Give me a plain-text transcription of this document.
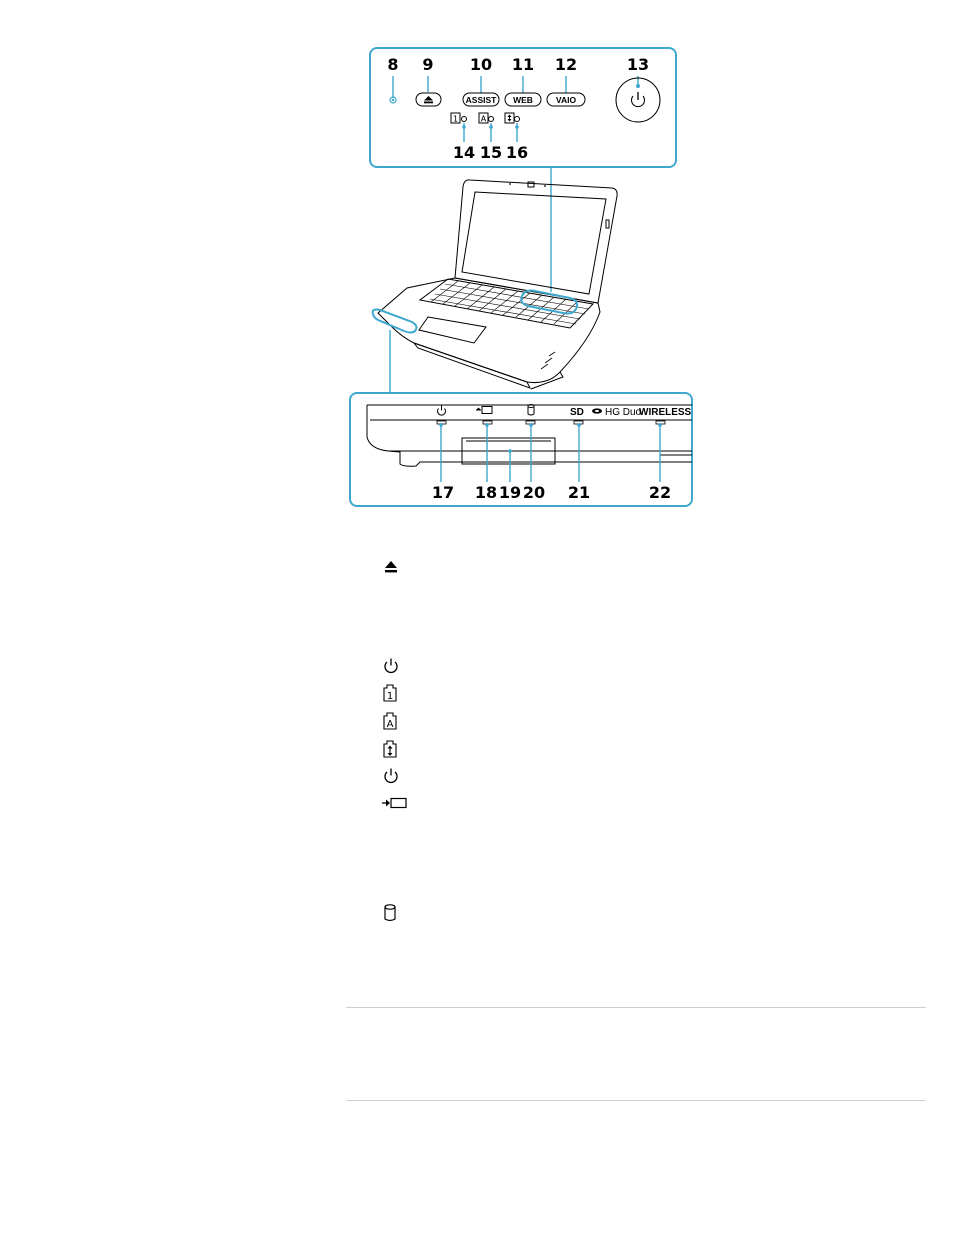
8 9 10 11 12	13
ASSIST WEB	VAIO
1	A
14 15 16
SD HG Duo
WIRELESS
17 18 19 20 21	22
1
A
